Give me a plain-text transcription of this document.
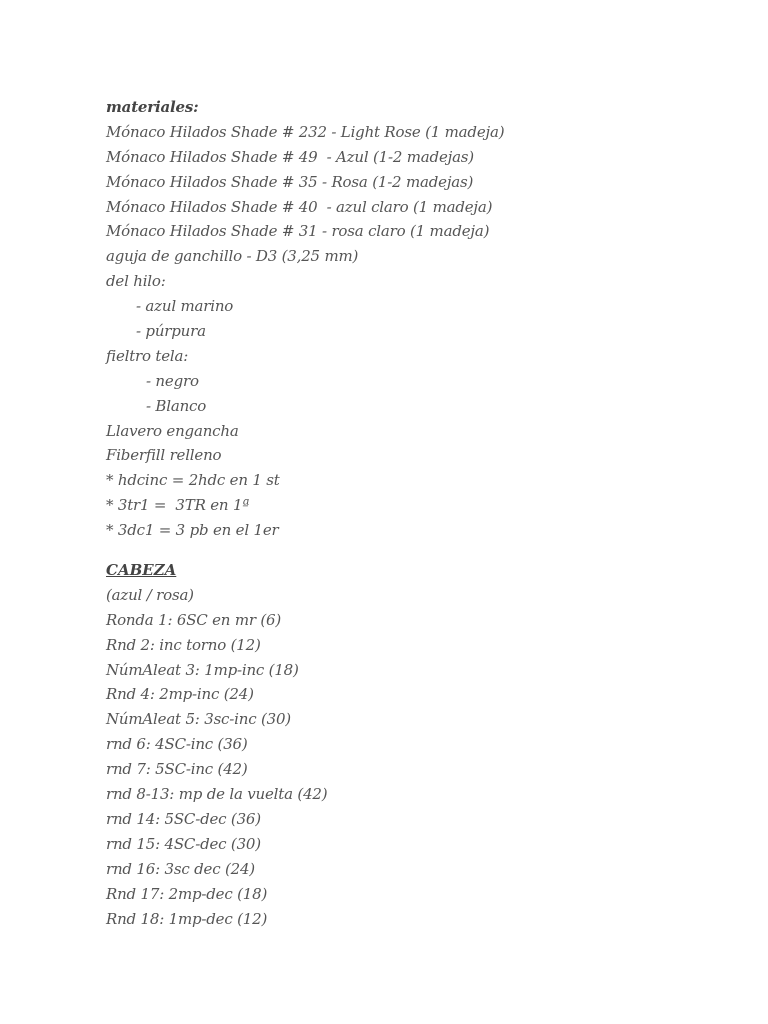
materiales:
Mónaco Hilados Shade # 232 - Light Rose (1 madeja)
Mónaco Hilados Shade # 49  - Azul (1-2 madejas)
Mónaco Hilados Shade # 35 - Rosa (1-2 madejas)
Mónaco Hilados Shade # 40  - azul claro (1 madeja)
Mónaco Hilados Shade # 31 - rosa claro (1 madeja)
aguja de ganchillo - D3 (3,25 mm)
del hilo:
- azul marino
- púrpura
fieltro tela:
- negro
- Blanco
Llavero engancha
Fiberfill relleno
* hdcinc = 2hdc en 1 st
* 3tr1 =  3TR en 1ª
* 3dc1 = 3 pb en el 1er
CABEZA
(azul / rosa)
Ronda 1: 6SC en mr (6)
Rnd 2: inc torno (12)
NúmAleat 3: 1mp-inc (18)
Rnd 4: 2mp-inc (24)
NúmAleat 5: 3sc-inc (30)
rnd 6: 4SC-inc (36)
rnd 7: 5SC-inc (42)
rnd 8-13: mp de la vuelta (42)
rnd 14: 5SC-dec (36)
rnd 15: 4SC-dec (30)
rnd 16: 3sc dec (24)
Rnd 17: 2mp-dec (18)
Rnd 18: 1mp-dec (12)
